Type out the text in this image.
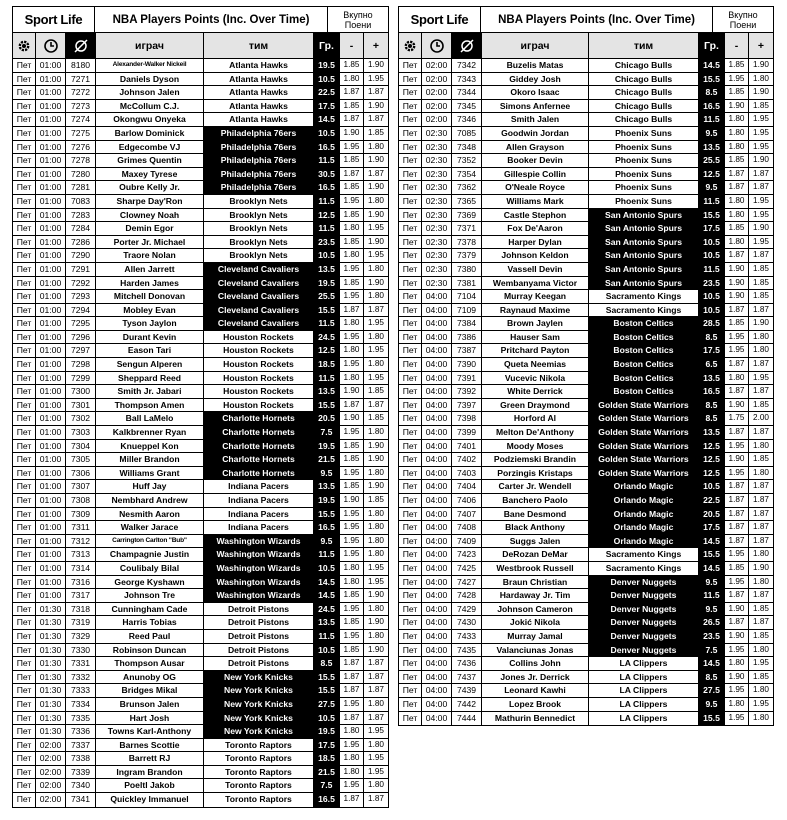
Sport Life	NBA Players Points (Inc. Over Time)	Вкупно
Поени
играч	тим	Гр.	-	+
Пет 01:00	8180	Alexander-Walker Nickeil	Atlanta Hawks	19.5	1.85	1.90
Пет 01:00	7271	Daniels Dyson	Atlanta Hawks	10.5	1.80	1.95
Пет 01:00	7272	Johnson Jalen	Atlanta Hawks	22.5	1.87	1.87
Пет 01:00	7273	McCollum C.J.	Atlanta Hawks	17.5	1.85	1.90
Пет 01:00	7274	Okongwu Onyeka	Atlanta Hawks	14.5	1.87	1.87
Пет 01:00	7275	Barlow Dominick	Philadelphia 76ers	10.5	1.90	1.85
Пет 01:00	7276	Edgecombe VJ	Philadelphia 76ers	16.5	1.95	1.80
Пет 01:00	7278	Grimes Quentin	Philadelphia 76ers	11.5	1.85	1.90
Пет 01:00	7280	Maxey Tyrese	Philadelphia 76ers	30.5	1.87	1.87
Пет 01:00	7281	Oubre Kelly Jr.	Philadelphia 76ers	16.5	1.85	1.90
Пет 01:00	7083	Sharpe Day'Ron	Brooklyn Nets	11.5	1.95	1.80
Пет 01:00	7283	Clowney Noah	Brooklyn Nets	12.5	1.85	1.90
Пет 01:00	7284	Demin Egor	Brooklyn Nets	11.5	1.80	1.95
Пет 01:00	7286	Porter Jr. Michael	Brooklyn Nets	23.5	1.85	1.90
Пет 01:00	7290	Traore Nolan	Brooklyn Nets	10.5	1.80	1.95
Пет 01:00	7291	Allen Jarrett	Cleveland Cavaliers	13.5	1.95	1.80
Пет 01:00	7292	Harden James	Cleveland Cavaliers	19.5	1.85	1.90
Пет 01:00	7293	Mitchell Donovan	Cleveland Cavaliers	25.5	1.95	1.80
Пет 01:00	7294	Mobley Evan	Cleveland Cavaliers	15.5	1.87	1.87
Пет 01:00	7295	Tyson Jaylon	Cleveland Cavaliers	11.5	1.80	1.95
Пет 01:00	7296	Durant Kevin	Houston Rockets	24.5	1.95	1.80
Пет 01:00	7297	Eason Tari	Houston Rockets	12.5	1.80	1.95
Пет 01:00	7298	Sengun Alperen	Houston Rockets	18.5	1.95	1.80
Пет 01:00	7299	Sheppard Reed	Houston Rockets	11.5	1.80	1.95
Пет 01:00	7300	Smith Jr. Jabari	Houston Rockets	13.5	1.90	1.85
Пет 01:00	7301	Thompson Amen	Houston Rockets	15.5	1.87	1.87
Пет 01:00	7302	Ball LaMelo	Charlotte Hornets	20.5	1.90	1.85
Пет 01:00	7303	Kalkbrenner Ryan	Charlotte Hornets	7.5	1.95	1.80
Пет 01:00	7304	Knueppel Kon	Charlotte Hornets	19.5	1.85	1.90
Пет 01:00	7305	Miller Brandon	Charlotte Hornets	21.5	1.85	1.90
Пет 01:00	7306	Williams Grant	Charlotte Hornets	9.5	1.95	1.80
Пет 01:00	7307	Huff Jay	Indiana Pacers	13.5	1.85	1.90
Пет 01:00	7308	Nembhard Andrew	Indiana Pacers	19.5	1.90	1.85
Пет 01:00	7309	Nesmith Aaron	Indiana Pacers	15.5	1.95	1.80
Пет 01:00	7311	Walker Jarace	Indiana Pacers	16.5	1.95	1.80
Пет 01:00	7312	Carrington Carlton "Bub"	Washington Wizards	9.5	1.95	1.80
Пет 01:00	7313	Champagnie Justin	Washington Wizards	11.5	1.95	1.80
Пет 01:00	7314	Coulibaly Bilal	Washington Wizards	10.5	1.80	1.95
Пет 01:00	7316	George Kyshawn	Washington Wizards	14.5	1.80	1.95
Пет 01:00	7317	Johnson Tre	Washington Wizards	14.5	1.85	1.90
Пет 01:30	7318	Cunningham Cade	Detroit Pistons	24.5	1.95	1.80
Пет 01:30	7319	Harris Tobias	Detroit Pistons	13.5	1.85	1.90
Пет 01:30	7329	Reed Paul	Detroit Pistons	11.5	1.95	1.80
Пет 01:30	7330	Robinson Duncan	Detroit Pistons	10.5	1.85	1.90
Пет 01:30	7331	Thompson Ausar	Detroit Pistons	8.5	1.87	1.87
Пет 01:30	7332	Anunoby OG	New York Knicks	15.5	1.87	1.87
Пет 01:30	7333	Bridges Mikal	New York Knicks	15.5	1.87	1.87
Пет 01:30	7334	Brunson Jalen	New York Knicks	27.5	1.95	1.80
Пет 01:30	7335	Hart Josh	New York Knicks	10.5	1.87	1.87
Пет 01:30	7336	Towns Karl-Anthony	New York Knicks	19.5	1.80	1.95
Пет 02:00	7337	Barnes Scottie	Toronto Raptors	17.5	1.95	1.80
Пет 02:00	7338	Barrett RJ	Toronto Raptors	18.5	1.80	1.95
Пет 02:00	7339	Ingram Brandon	Toronto Raptors	21.5	1.80	1.95
Пет 02:00	7340	Poeltl Jakob	Toronto Raptors	7.5	1.95	1.80
Пет 02:00	7341	Quickley Immanuel	Toronto Raptors	16.5	1.87	1.87
Sport Life	NBA Players Points (Inc. Over Time)	Вкупно
Поени
играч	тим	Гр.	-	+
Пет 02:00	7342	Buzelis Matas	Chicago Bulls	14.5	1.85	1.90
Пет 02:00	7343	Giddey Josh	Chicago Bulls	15.5	1.95	1.80
Пет 02:00	7344	Okoro Isaac	Chicago Bulls	8.5	1.85	1.90
Пет 02:00	7345	Simons Anfernee	Chicago Bulls	16.5	1.90	1.85
Пет 02:00	7346	Smith Jalen	Chicago Bulls	11.5	1.80	1.95
Пет 02:30	7085	Goodwin Jordan	Phoenix Suns	9.5	1.80	1.95
Пет 02:30	7348	Allen Grayson	Phoenix Suns	13.5	1.80	1.95
Пет 02:30	7352	Booker Devin	Phoenix Suns	25.5	1.85	1.90
Пет 02:30	7354	Gillespie Collin	Phoenix Suns	12.5	1.87	1.87
Пет 02:30	7362	O'Neale Royce	Phoenix Suns	9.5	1.87	1.87
Пет 02:30	7365	Williams Mark	Phoenix Suns	11.5	1.80	1.95
Пет 02:30	7369	Castle Stephon	San Antonio Spurs	15.5	1.80	1.95
Пет 02:30	7371	Fox De'Aaron	San Antonio Spurs	17.5	1.85	1.90
Пет 02:30	7378	Harper Dylan	San Antonio Spurs	10.5	1.80	1.95
Пет 02:30	7379	Johnson Keldon	San Antonio Spurs	10.5	1.87	1.87
Пет 02:30	7380	Vassell Devin	San Antonio Spurs	11.5	1.90	1.85
Пет 02:30	7381	Wembanyama Victor	San Antonio Spurs	23.5	1.90	1.85
Пет 04:00	7104	Murray Keegan	Sacramento Kings	10.5	1.90	1.85
Пет 04:00	7109	Raynaud Maxime	Sacramento Kings	10.5	1.87	1.87
Пет 04:00	7384	Brown Jaylen	Boston Celtics	28.5	1.85	1.90
Пет 04:00	7386	Hauser Sam	Boston Celtics	8.5	1.95	1.80
Пет 04:00	7387	Pritchard Payton	Boston Celtics	17.5	1.95	1.80
Пет 04:00	7390	Queta Neemias	Boston Celtics	6.5	1.87	1.87
Пет 04:00	7391	Vucevic Nikola	Boston Celtics	13.5	1.80	1.95
Пет 04:00	7392	White Derrick	Boston Celtics	16.5	1.87	1.87
Пет 04:00	7397	Green Draymond	Golden State Warriors	8.5	1.90	1.85
Пет 04:00	7398	Horford Al	Golden State Warriors	8.5	1.75	2.00
Пет 04:00	7399	Melton De'Anthony	Golden State Warriors	13.5	1.87	1.87
Пет 04:00	7401	Moody Moses	Golden State Warriors	12.5	1.95	1.80
Пет 04:00	7402	Podziemski Brandin	Golden State Warriors	12.5	1.90	1.85
Пет 04:00	7403	Porzingis Kristaps	Golden State Warriors	12.5	1.95	1.80
Пет 04:00	7404	Carter Jr. Wendell	Orlando Magic	10.5	1.87	1.87
Пет 04:00	7406	Banchero Paolo	Orlando Magic	22.5	1.87	1.87
Пет 04:00	7407	Bane Desmond	Orlando Magic	20.5	1.87	1.87
Пет 04:00	7408	Black Anthony	Orlando Magic	17.5	1.87	1.87
Пет 04:00	7409	Suggs Jalen	Orlando Magic	14.5	1.87	1.87
Пет 04:00	7423	DeRozan DeMar	Sacramento Kings	15.5	1.95	1.80
Пет 04:00	7425	Westbrook Russell	Sacramento Kings	14.5	1.85	1.90
Пет 04:00	7427	Braun Christian	Denver Nuggets	9.5	1.95	1.80
Пет 04:00	7428	Hardaway Jr. Tim	Denver Nuggets	11.5	1.87	1.87
Пет 04:00	7429	Johnson Cameron	Denver Nuggets	9.5	1.90	1.85
Пет 04:00	7430	Jokić Nikola	Denver Nuggets	26.5	1.87	1.87
Пет 04:00	7433	Murray Jamal	Denver Nuggets	23.5	1.90	1.85
Пет 04:00	7435	Valanciunas Jonas	Denver Nuggets	7.5	1.95	1.80
Пет 04:00	7436	Collins John	LA Clippers	14.5	1.80	1.95
Пет 04:00	7437	Jones Jr. Derrick	LA Clippers	8.5	1.90	1.85
Пет 04:00	7439	Leonard Kawhi	LA Clippers	27.5	1.95	1.80
Пет 04:00	7442	Lopez Brook	LA Clippers	9.5	1.80	1.95
Пет 04:00	7444	Mathurin Bennedict	LA Clippers	15.5	1.95	1.80
